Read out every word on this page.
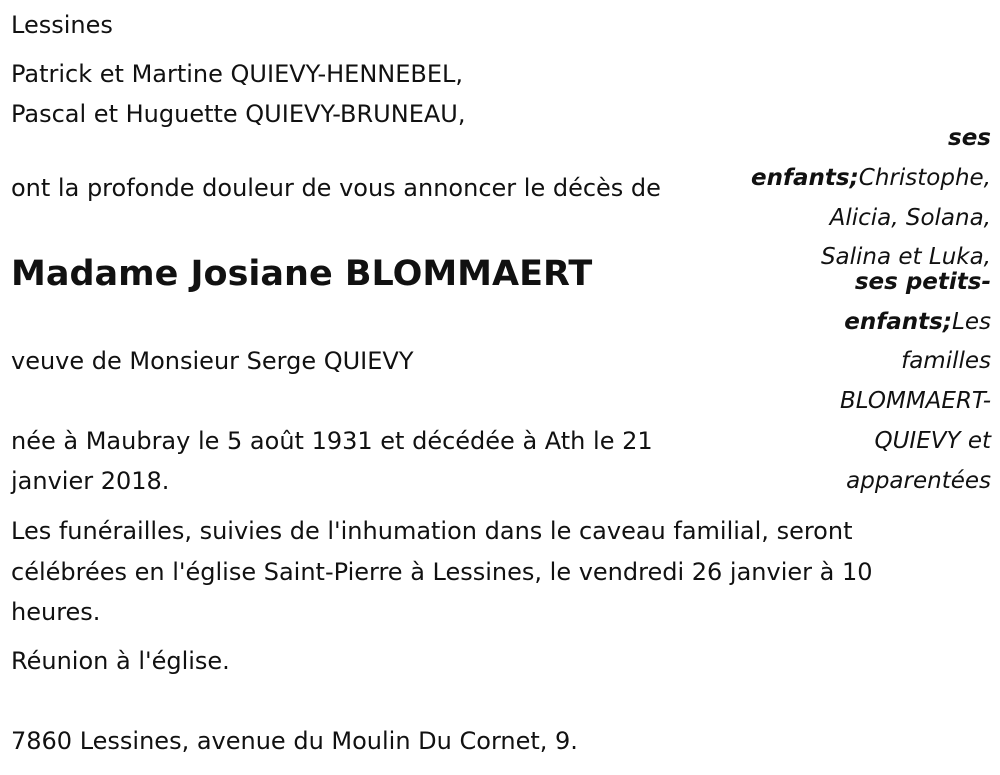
Lessines
Patrick et Martine QUIEVY-HENNEBEL,
Pascal et Huguette QUIEVY-BRUNEAU,
ont la profonde douleur de vous annoncer le décès de
Madame Josiane BLOMMAERT
veuve de Monsieur Serge QUIEVY
née à Maubray le 5 août 1931 et décédée à Ath le 21
janvier 2018.
Les funérailles, suivies de l'inhumation dans le caveau familial, seront
célébrées en l'église Saint-Pierre à Lessines, le vendredi 26 janvier à 10
heures.
Réunion à l'église.
7860 Lessines, avenue du Moulin Du Cornet, 9.
ses
enfants;Christophe,
Alicia, Solana,
Salina et Luka,
ses petits-
enfants;Les
familles
BLOMMAERT-
QUIEVY et
apparentées
